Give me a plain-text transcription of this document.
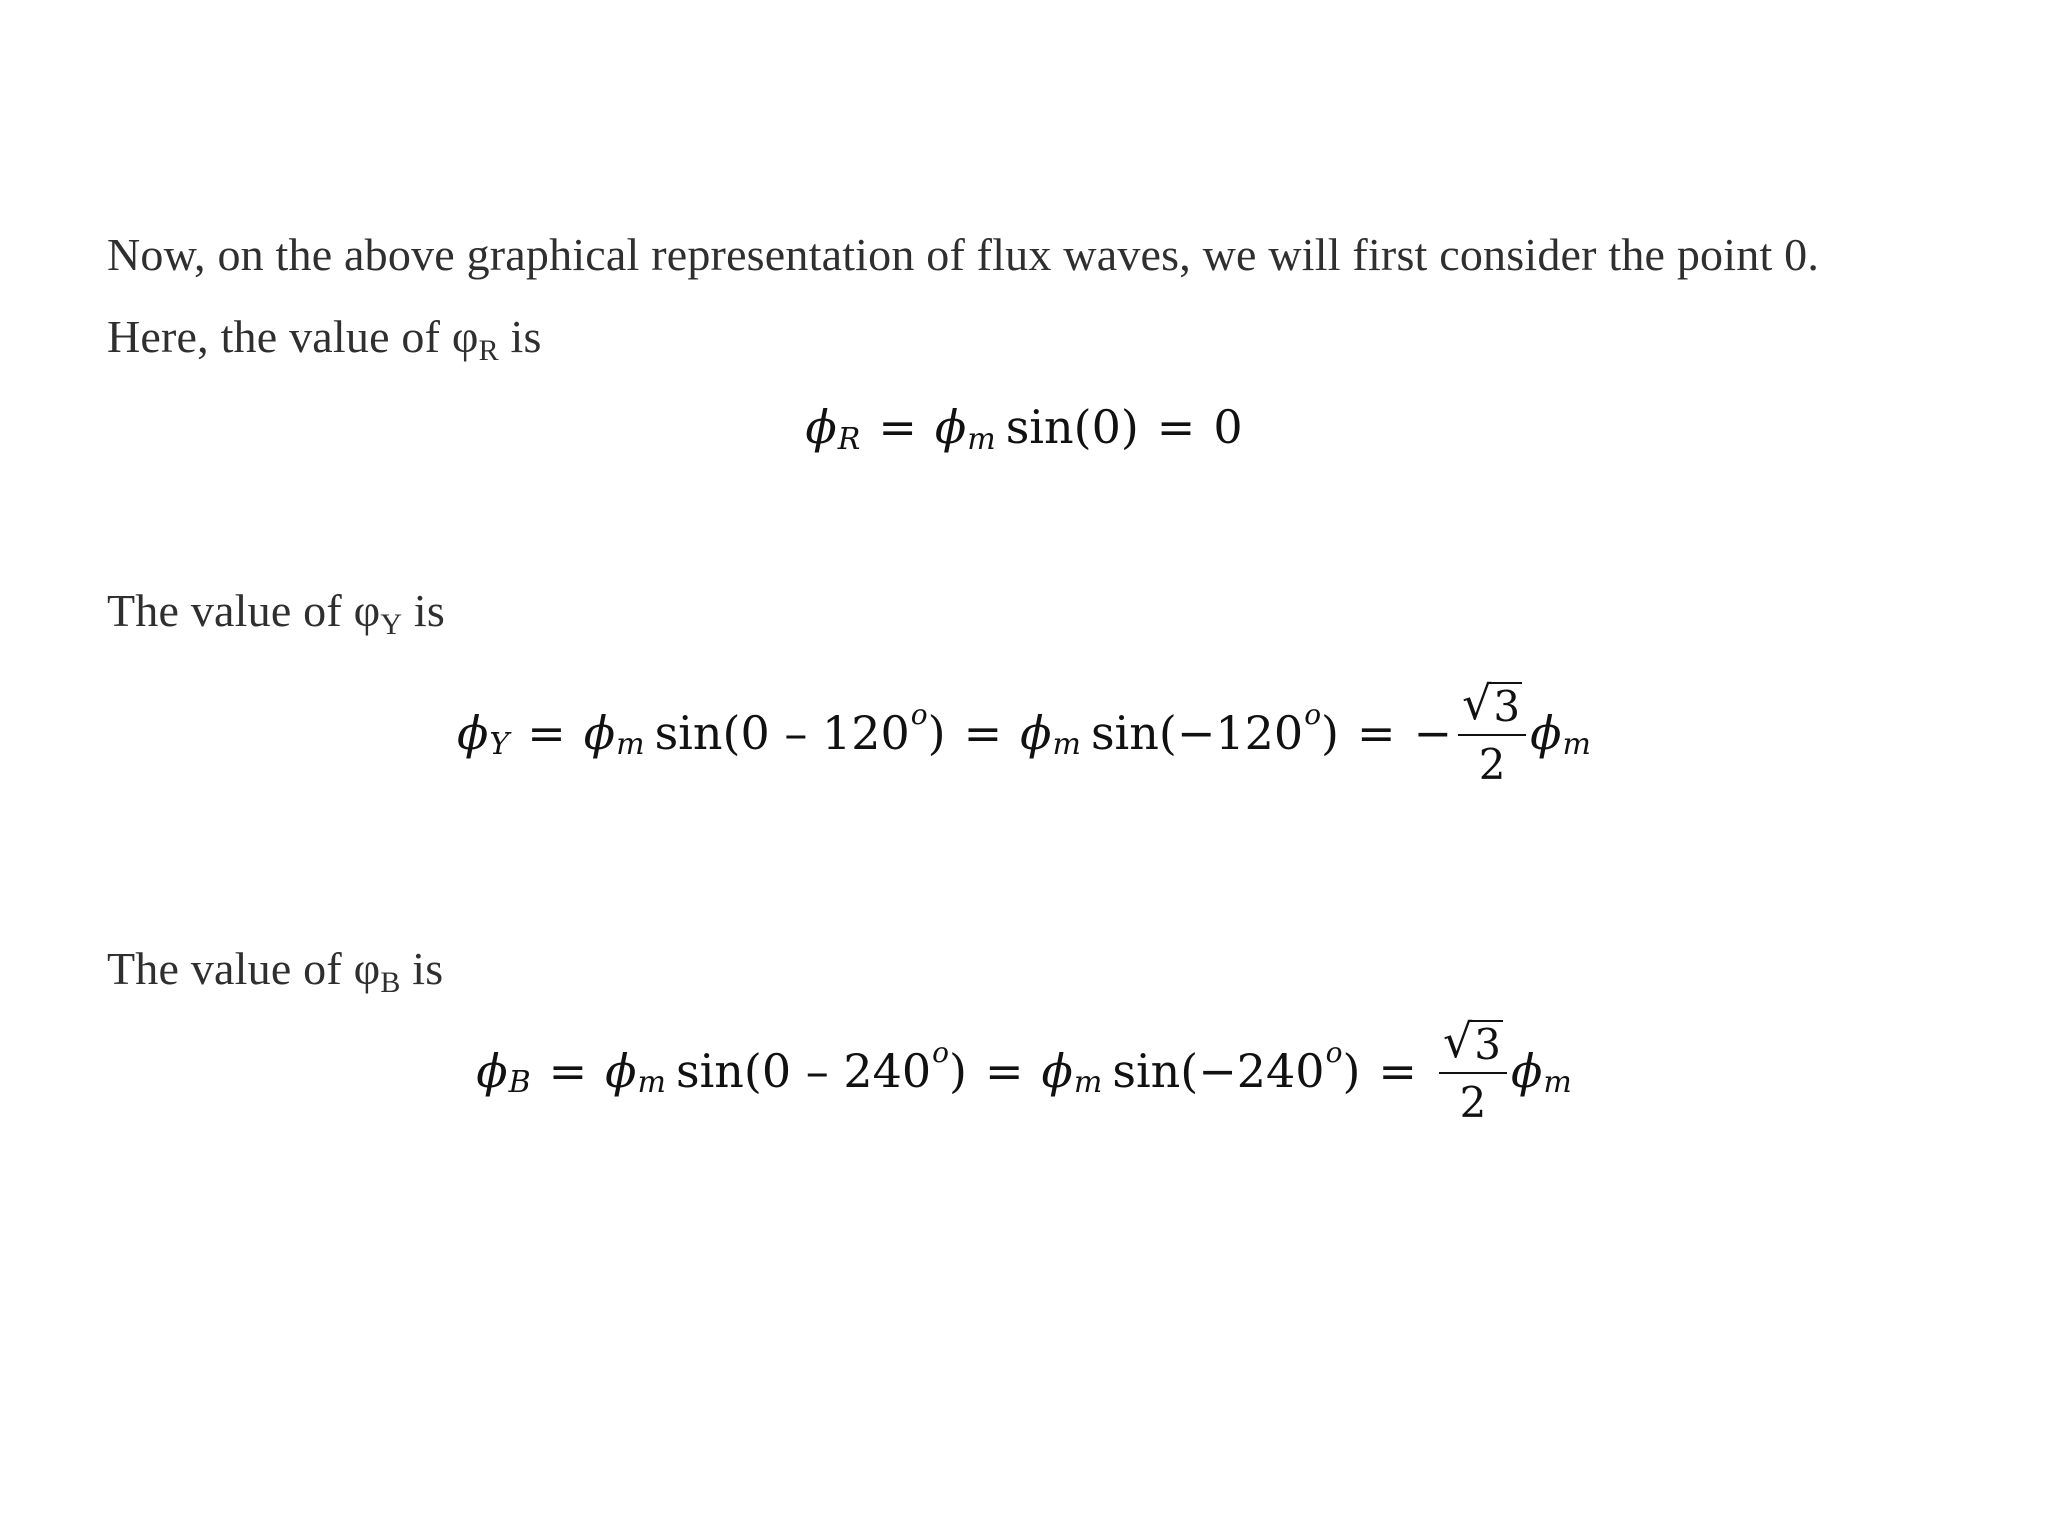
Now, on the above graphical representation of flux waves, we will first consider the point 0.
Here, the value of $\varphi_R$ is
ϕ R = ϕ m sin(0) = 0
The value of $\varphi_Y$ is
ϕ Y = ϕ m sin(0 – 120 o ) = ϕ m sin(−120 o ) = − $\frac{√ 3}{2}$ ϕ m
The value of $\varphi_B$ is
ϕ B = ϕ m sin(0 – 240 o ) = ϕ m sin(−240 o ) = $\frac{√ 3}{2}$ ϕ m
